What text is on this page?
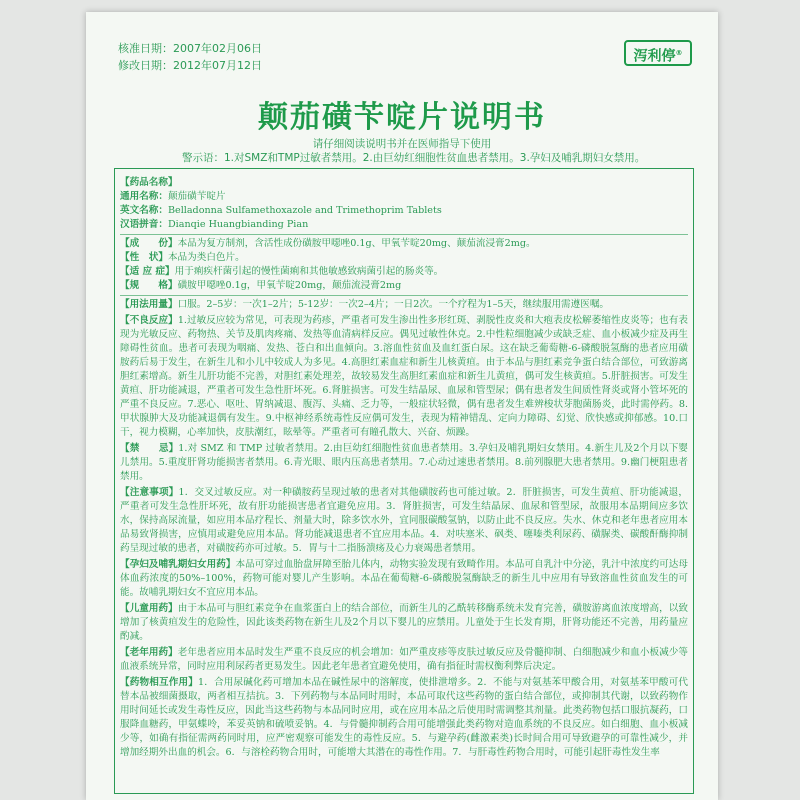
核准日期：2007年02月06日
修改日期：2012年07月12日
泻利停®
颠茄磺苄啶片说明书
请仔细阅读说明书并在医师指导下使用
警示语：1.对SMZ和TMP过敏者禁用。2.由巨幼红细胞性贫血患者禁用。3.孕妇及哺乳期妇女禁用。

【药品名称】

通用名称：颠茄磺苄啶片

英文名称：Belladonna Sulfamethoxazole and Trimethoprim Tablets

汉语拼音：Dianqie Huangbianding Pian

【成　　份】本品为复方制剂，含活性成份磺胺甲噁唑0.1g、甲氧苄啶20mg、颠茄流浸膏2mg。

【性　状】本品为类白色片。

【适 应 症】用于痢疾杆菌引起的慢性菌痢和其他敏感致病菌引起的肠炎等。

【规　　格】磺胺甲噁唑0.1g，甲氧苄啶20mg，颠茄流浸膏2mg

【用法用量】口服。2–5岁：一次1–2片；5-12岁：一次2–4片；一日2次。一个疗程为1–5天，继续服用需遵医嘱。

【不良反应】1.过敏反应较为常见，可表现为药疹，严重者可发生渗出性多形红斑、剥脱性皮炎和大疱表皮松解萎缩性皮炎等；也有表现为光敏反应、药物热、关节及肌肉疼痛、发热等血清病样反应。偶见过敏性休克。2.中性粒细胞减少或缺乏症、血小板减少症及再生障碍性贫血。患者可表现为咽痛、发热、苍白和出血倾向。3.溶血性贫血及血红蛋白尿。这在缺乏葡萄糖-6-磷酸脱氢酶的患者应用磺胺药后易于发生，在新生儿和小儿中较成人为多见。4.高胆红素血症和新生儿核黄疸。由于本品与胆红素竞争蛋白结合部位，可致游离胆红素增高。新生儿肝功能不完善，对胆红素处理差，故较易发生高胆红素血症和新生儿黄疸，偶可发生核黄疸。5.肝脏损害。可发生黄疸、肝功能减退，严重者可发生急性肝坏死。6.肾脏损害。可发生结晶尿、血尿和管型尿；偶有患者发生间质性肾炎或肾小管坏死的严重不良反应。7.恶心、呕吐、胃纳减退、腹泻、头痛、乏力等，一般症状轻微，偶有患者发生难辨梭状芽胞菌肠炎，此时需停药。8.甲状腺肿大及功能减退偶有发生。9.中枢神经系统毒性反应偶可发生，表现为精神错乱、定向力障碍、幻觉、欣快感或抑郁感。10.口干，视力模糊，心率加快，皮肤潮红，眩晕等。严重者可有瞳孔散大、兴奋、烦躁。

【禁　　忌】1.对 SMZ 和 TMP 过敏者禁用。2.由巨幼红细胞性贫血患者禁用。3.孕妇及哺乳期妇女禁用。4.新生儿及2个月以下婴儿禁用。5.重度肝肾功能损害者禁用。6.青光眼、眼内压高患者禁用。7.心动过速患者禁用。8.前列腺肥大患者禁用。9.幽门梗阻患者禁用。

【注意事项】1．交叉过敏反应。对一种磺胺药呈现过敏的患者对其他磺胺药也可能过敏。2．肝脏损害，可发生黄疸、肝功能减退，严重者可发生急性肝坏死，故有肝功能损害患者宜避免应用。3．肾脏损害，可发生结晶尿、血尿和管型尿，故服用本品期间应多饮水，保持高尿流量，如应用本品疗程长、剂量大时，除多饮水外，宜同服碳酸氢钠，以防止此不良反应。失水、休克和老年患者应用本品易致肾损害，应慎用或避免应用本品。肾功能减退患者不宜应用本品。4．对呋塞米、砜类、噻嗪类利尿药、磺脲类、碳酸酐酶抑制药呈现过敏的患者，对磺胺药亦可过敏。5．胃与十二指肠溃疡及心力衰竭患者禁用。

【孕妇及哺乳期妇女用药】本品可穿过血胎盘屏障至胎儿体内，动物实验发现有致畸作用。本品可自乳汁中分泌，乳汁中浓度约可达母体血药浓度的50%–100%，药物可能对婴儿产生影响。本品在葡萄糖-6-磷酸脱氢酶缺乏的新生儿中应用有导致溶血性贫血发生的可能。故哺乳期妇女不宜应用本品。

【儿童用药】由于本品可与胆红素竞争在血浆蛋白上的结合部位，而新生儿的乙酰转移酶系统未发育完善，磺胺游离血浓度增高，以致增加了核黄疸发生的危险性，因此该类药物在新生儿及2个月以下婴儿的应禁用。儿童处于生长发育期，肝肾功能还不完善，用药量应酌减。

【老年用药】老年患者应用本品时发生严重不良反应的机会增加：如严重皮疹等皮肤过敏反应及骨髓抑制、白细胞减少和血小板减少等血液系统异常，同时应用利尿药者更易发生。因此老年患者宜避免使用，确有指征时需权衡利弊后决定。

【药物相互作用】1．合用尿碱化药可增加本品在碱性尿中的溶解度，使排泄增多。2．不能与对氨基苯甲酸合用，对氨基苯甲酸可代替本品被细菌摄取，两者相互拮抗。3．下列药物与本品同时用时，本品可取代这些药物的蛋白结合部位，或抑制其代谢，以致药物作用时间延长或发生毒性反应，因此当这些药物与本品同时应用，或在应用本品之后使用时需调整其剂量。此类药物包括口服抗凝药，口服降血糖药，甲氨蝶呤，苯妥英钠和硫喷妥钠。4．与骨髓抑制药合用可能增强此类药物对造血系统的不良反应。如白细胞、血小板减少等，如确有指征需两药同时用，应严密观察可能发生的毒性反应。5．与避孕药(雌激素类)长时间合用可导致避孕的可靠性减少，并增加经期外出血的机会。6．与溶栓药物合用时，可能增大其潜在的毒性作用。7．与肝毒性药物合用时，可能引起肝毒性发生率
